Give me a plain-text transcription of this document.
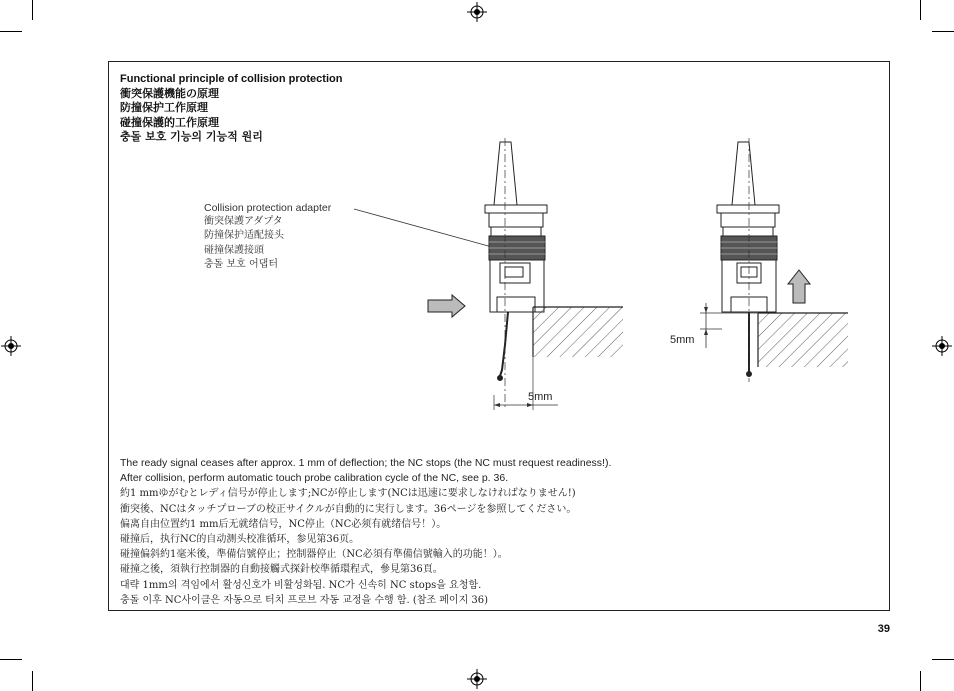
Functional principle of collision protection
衝突保護機能の原理
防撞保护工作原理
碰撞保護的工作原理
충돌 보호 기능의 기능적 원리
Collision protection adapter
衝突保護アダプタ
防撞保护适配接头
碰撞保護接頭
충돌 보호 어댑터
5mm
5mm
The ready signal ceases after approx. 1 mm of deflection; the NC stops (the NC must request readiness!).
After collision, perform automatic touch probe calibration cycle of the NC, see p. 36.
約1 mmゆがむとレディ信号が停止します;NCが停止します(NCは迅速に要求しなければなりません!)
衝突後、NCはタッチプローブの校正サイクルが自動的に実行します。36ページを参照してください。
偏离自由位置约1 mm后无就绪信号，NC停止（NC必须有就绪信号！）。
碰撞后，执行NC的自动测头校准循环，参见第36页。
碰撞偏斜約1毫米後，準備信號停止；控制器停止（NC必須有準備信號輸入的功能！）。
碰撞之後，須執行控制器的自動接觸式探針校準循環程式，參見第36頁。
대략 1mm의 격임에서 활성신호가 비활성화됨. NC가 신속히 NC stops을 요청함.
충돌 이후 NC사이클은 자동으로 터치 프로브 자동 교정을 수행 함. (참조 페이지 36)
39
